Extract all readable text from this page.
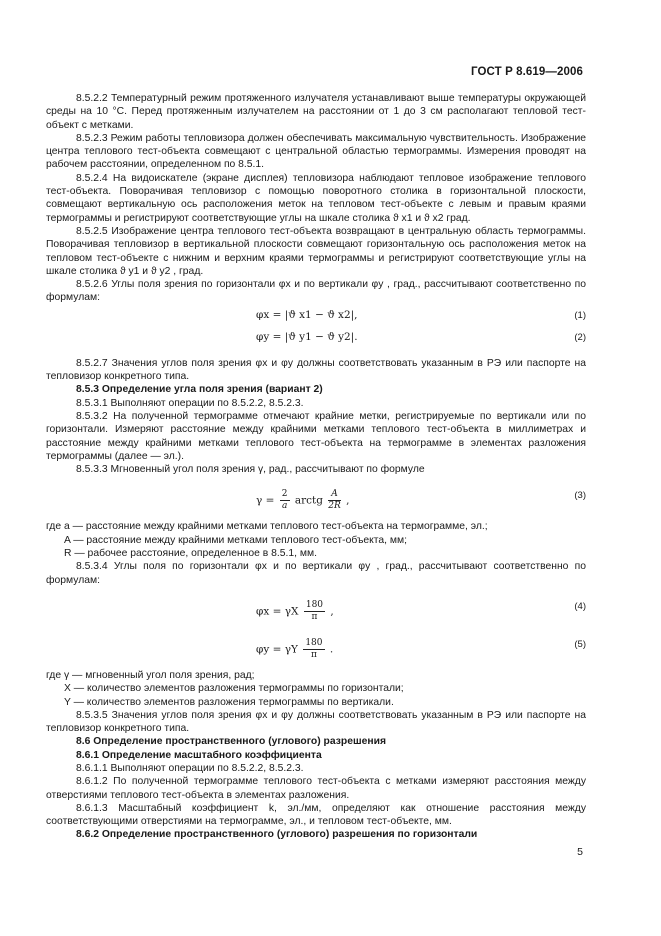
ГОСТ Р 8.619—2006

8.5.2.2 Температурный режим протяженного излучателя устанавливают выше температуры окружающей среды на 10 °С. Перед протяженным излучателем на расстоянии от 1 до 3 см располагают тепловой тест-объект с метками.

8.5.2.3 Режим работы тепловизора должен обеспечивать максимальную чувствительность. Изображение центра теплового тест-объекта совмещают с центральной областью термограммы. Измерения проводят на рабочем расстоянии, определенном по 8.5.1.

8.5.2.4 На видоискателе (экране дисплея) тепловизора наблюдают тепловое изображение теплового тест-объекта. Поворачивая тепловизор с помощью поворотного столика в горизонтальной плоскости, совмещают вертикальную ось расположения меток на тепловом тест-объекте с левым и правым краями термограммы и регистрируют соответствующие углы на шкале столика ϑ x1 и ϑ x2 град.

8.5.2.5 Изображение центра теплового тест-объекта возвращают в центральную область термограммы. Поворачивая тепловизор в вертикальной плоскости совмещают горизонтальную ось расположения меток на тепловом тест-объекте с нижним и верхним краями термограммы и регистрируют соответствующие углы на шкале столика ϑ y1 и ϑ y2 , град.

8.5.2.6 Углы поля зрения по горизонтали φx и по вертикали φy , град., рассчитывают соответственно по формулам:

φx = |ϑ x1 − ϑ x2|,	(1)
φy = |ϑ y1 − ϑ y2|.	(2)

8.5.2.7 Значения углов поля зрения φx и φy должны соответствовать указанным в РЭ или паспорте на тепловизор конкретного типа.

8.5.3 Определение угла поля зрения (вариант 2)

8.5.3.1 Выполняют операции по 8.5.2.2, 8.5.2.3.

8.5.3.2 На полученной термограмме отмечают крайние метки, регистрируемые по вертикали или по горизонтали. Измеряют расстояние между крайними метками теплового тест-объекта в миллиметрах и расстояние между крайними метками теплового тест-объекта на термограмме в элементах разложения термограммы (далее — эл.).

8.5.3.3 Мгновенный угол поля зрения γ, рад., рассчитывают по формуле

$\gamma = \frac{2}{a}$ arctg $\frac{A}{2R}$ ,	(3)

где a — расстояние между крайними метками теплового тест-объекта на термограмме, эл.;

A — расстояние между крайними метками теплового тест-объекта, мм;

R — рабочее расстояние, определенное в 8.5.1, мм.

8.5.3.4 Углы поля по горизонтали φx и по вертикали φy , град., рассчитывают соответственно по формулам:

φx = γX $\frac{180}{\pi}$ ,	(4)
φy = γY $\frac{180}{\pi}$ .	(5)

где γ — мгновенный угол поля зрения, рад;

X — количество элементов разложения термограммы по горизонтали;

Y — количество элементов разложения термограммы по вертикали.

8.5.3.5 Значения углов поля зрения φx и φy должны соответствовать указанным в РЭ или паспорте на тепловизор конкретного типа.

8.6 Определение пространственного (углового) разрешения

8.6.1 Определение масштабного коэффициента

8.6.1.1 Выполняют операции по 8.5.2.2, 8.5.2.3.

8.6.1.2 По полученной термограмме теплового тест-объекта с метками измеряют расстояния между отверстиями теплового тест-объекта в элементах разложения.

8.6.1.3 Масштабный коэффициент k, эл./мм, определяют как отношение расстояния между соответствующими отверстиями на термограмме, эл., и тепловом тест-объекте, мм.

8.6.2 Определение пространственного (углового) разрешения по горизонтали

5
